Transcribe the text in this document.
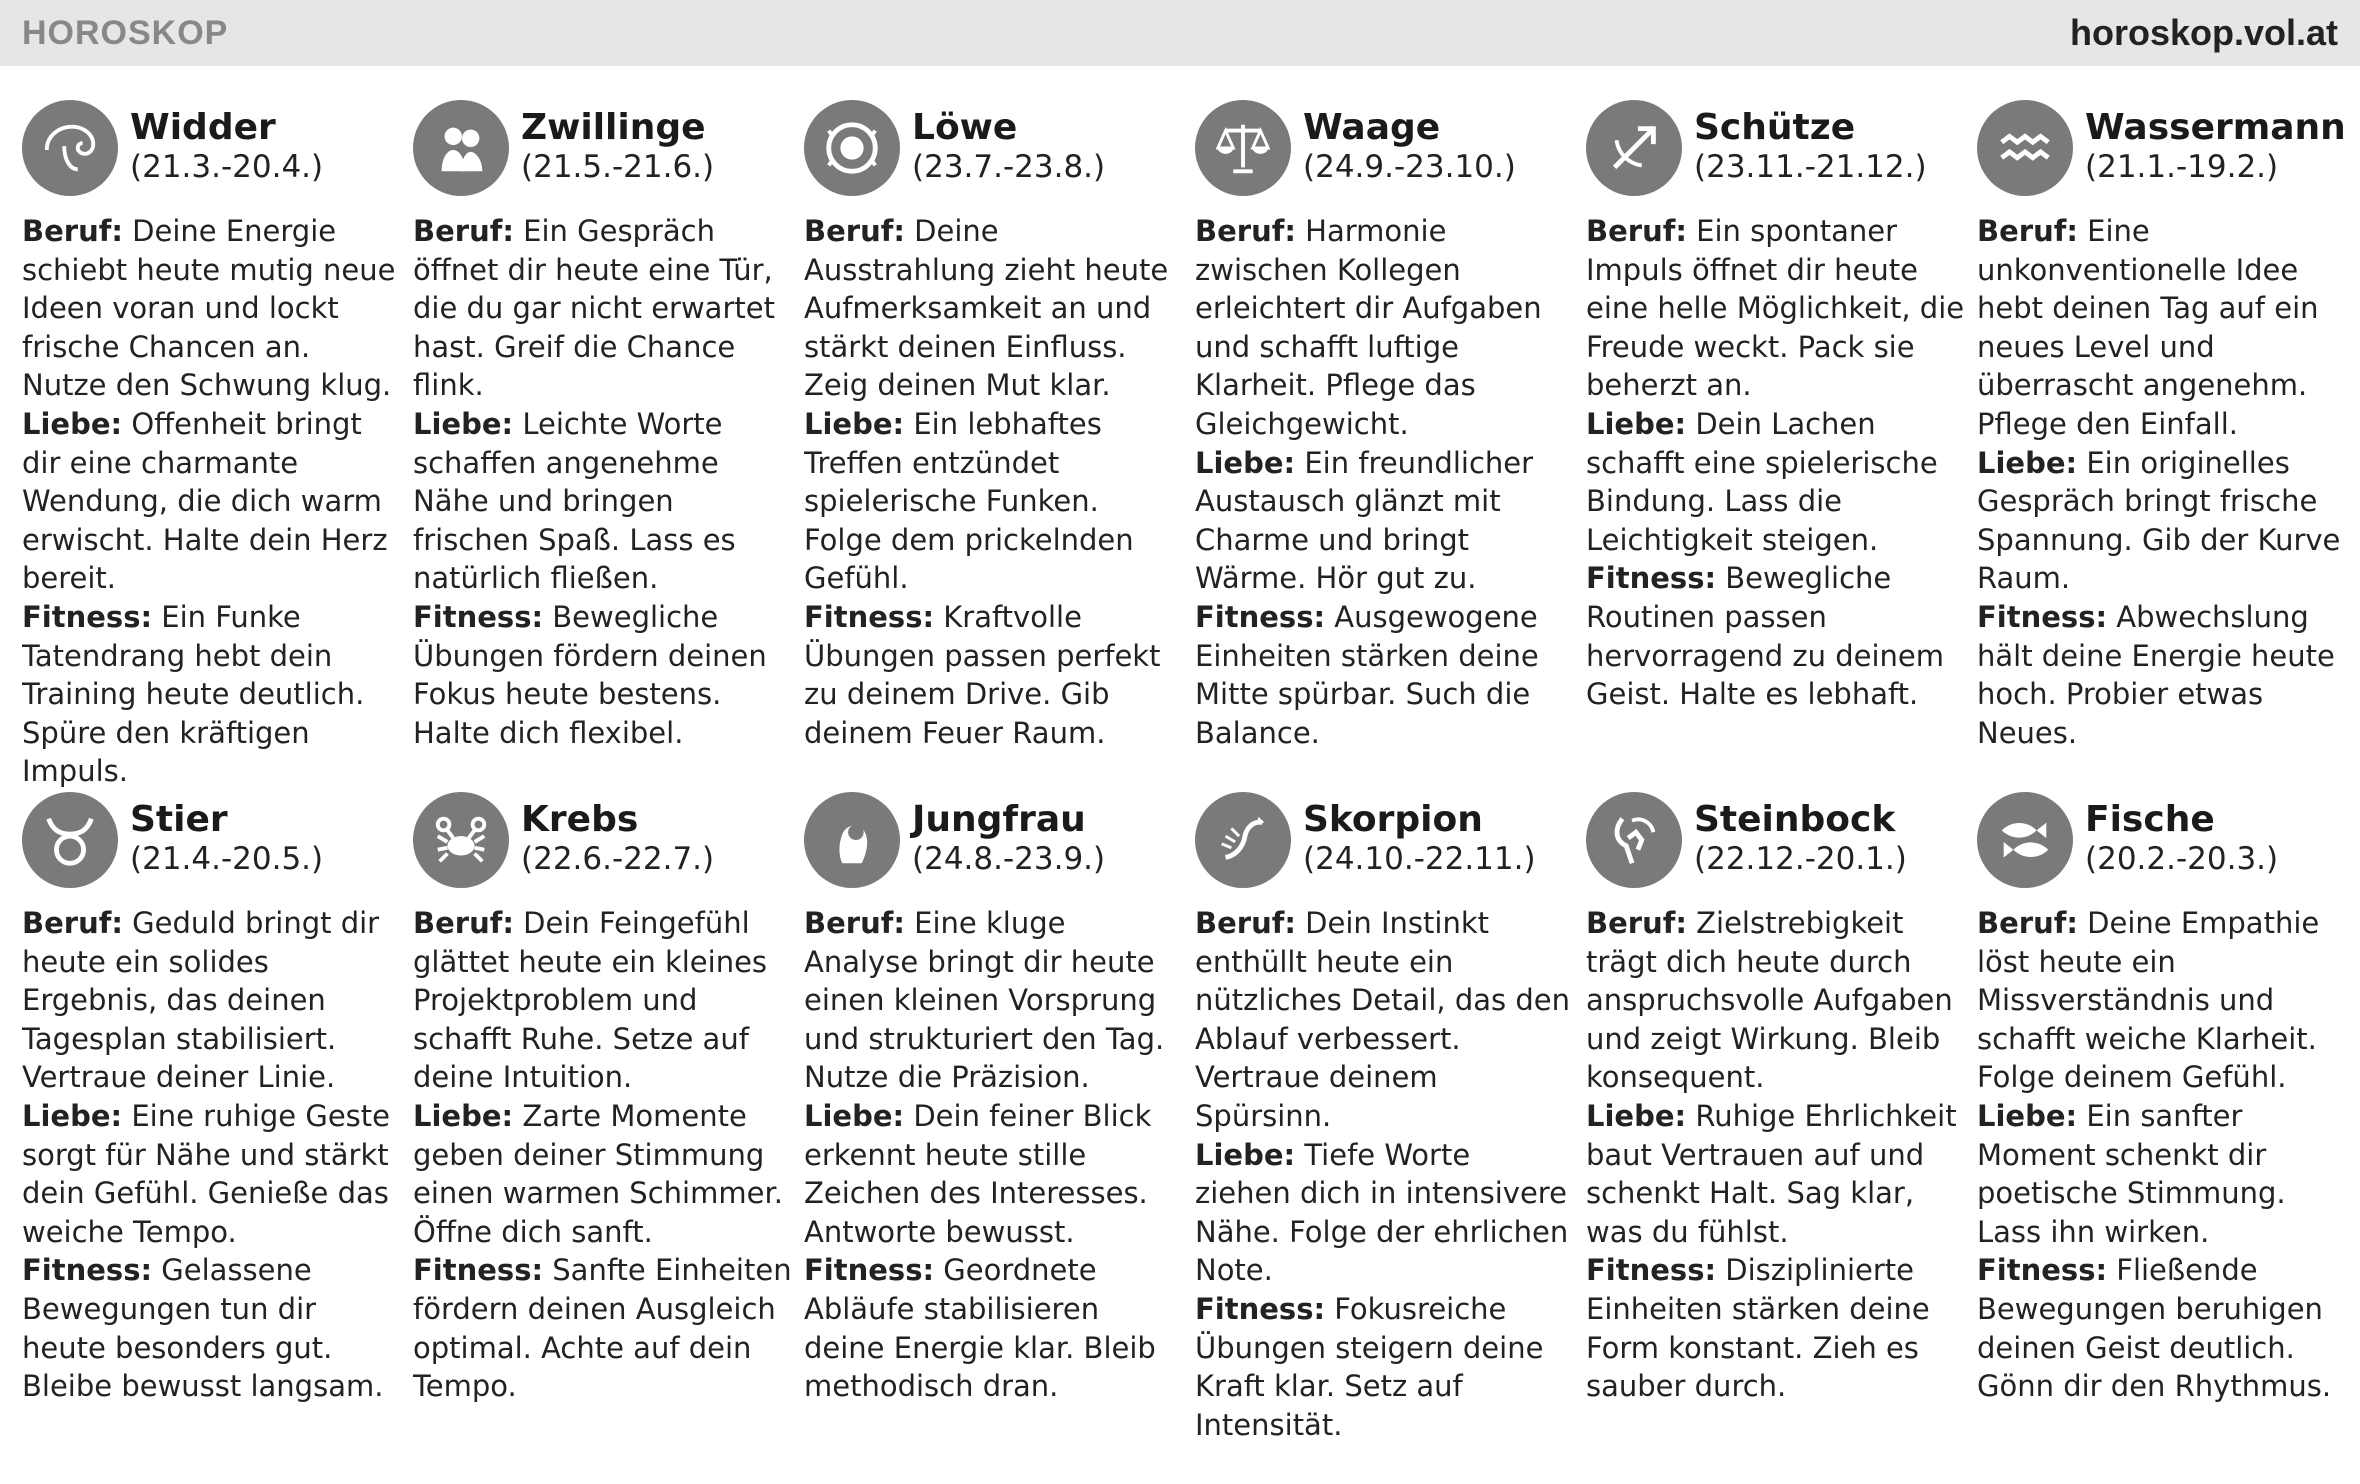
HOROSKOP	horoskop.vol.at
Widder
(21.3.-20.4.)
Beruf: Deine Energie schiebt heute mutig neue Ideen voran und lockt frische Chancen an. Nutze den Schwung klug.
Liebe: Offenheit bringt dir eine charmante Wendung, die dich warm erwischt. Halte dein Herz bereit.
Fitness: Ein Funke Tatendrang hebt dein Training heute deutlich. Spüre den kräftigen Impuls.
Zwillinge
(21.5.-21.6.)
Beruf: Ein Gespräch öffnet dir heute eine Tür, die du gar nicht erwartet hast. Greif die Chance flink.
Liebe: Leichte Worte schaffen angenehme Nähe und bringen frischen Spaß. Lass es natürlich fließen.
Fitness: Bewegliche Übungen fördern deinen Fokus heute bestens. Halte dich flexibel.
Löwe
(23.7.-23.8.)
Beruf: Deine Ausstrahlung zieht heute Aufmerksamkeit an und stärkt deinen Einfluss. Zeig deinen Mut klar.
Liebe: Ein lebhaftes Treffen entzündet spielerische Funken. Folge dem prickelnden Gefühl.
Fitness: Kraftvolle Übungen passen perfekt zu deinem Drive. Gib deinem Feuer Raum.
Waage
(24.9.-23.10.)
Beruf: Harmonie zwischen Kollegen erleichtert dir Aufgaben und schafft luftige Klarheit. Pflege das Gleichgewicht.
Liebe: Ein freundlicher Austausch glänzt mit Charme und bringt Wärme. Hör gut zu.
Fitness: Ausgewogene Einheiten stärken deine Mitte spürbar. Such die Balance.
Schütze
(23.11.-21.12.)
Beruf: Ein spontaner Impuls öffnet dir heute eine helle Möglichkeit, die Freude weckt. Pack sie beherzt an.
Liebe: Dein Lachen schafft eine spielerische Bindung. Lass die Leichtigkeit steigen.
Fitness: Bewegliche Routinen passen hervorragend zu deinem Geist. Halte es lebhaft.
Wassermann
(21.1.-19.2.)
Beruf: Eine unkonventionelle Idee hebt deinen Tag auf ein neues Level und überrascht angenehm. Pflege den Einfall.
Liebe: Ein originelles Gespräch bringt frische Spannung. Gib der Kurve Raum.
Fitness: Abwechslung hält deine Energie heute hoch. Probier etwas Neues.
Stier
(21.4.-20.5.)
Beruf: Geduld bringt dir heute ein solides Ergebnis, das deinen Tagesplan stabilisiert. Vertraue deiner Linie.
Liebe: Eine ruhige Geste sorgt für Nähe und stärkt dein Gefühl. Genieße das weiche Tempo.
Fitness: Gelassene Bewegungen tun dir heute besonders gut. Bleibe bewusst langsam.
Krebs
(22.6.-22.7.)
Beruf: Dein Feingefühl glättet heute ein kleines Projektproblem und schafft Ruhe. Setze auf deine Intuition.
Liebe: Zarte Momente geben deiner Stimmung einen warmen Schimmer. Öffne dich sanft.
Fitness: Sanfte Einheiten fördern deinen Ausgleich optimal. Achte auf dein Tempo.
Jungfrau
(24.8.-23.9.)
Beruf: Eine kluge Analyse bringt dir heute einen kleinen Vorsprung und strukturiert den Tag. Nutze die Präzision.
Liebe: Dein feiner Blick erkennt heute stille Zeichen des Interesses. Antworte bewusst.
Fitness: Geordnete Abläufe stabilisieren deine Energie klar. Bleib methodisch dran.
Skorpion
(24.10.-22.11.)
Beruf: Dein Instinkt enthüllt heute ein nützliches Detail, das den Ablauf verbessert. Vertraue deinem Spürsinn.
Liebe: Tiefe Worte ziehen dich in intensivere Nähe. Folge der ehrlichen Note.
Fitness: Fokusreiche Übungen steigern deine Kraft klar. Setz auf Intensität.
Steinbock
(22.12.-20.1.)
Beruf: Zielstrebigkeit trägt dich heute durch anspruchsvolle Aufgaben und zeigt Wirkung. Bleib konsequent.
Liebe: Ruhige Ehrlichkeit baut Vertrauen auf und schenkt Halt. Sag klar, was du fühlst.
Fitness: Disziplinierte Einheiten stärken deine Form konstant. Zieh es sauber durch.
Fische
(20.2.-20.3.)
Beruf: Deine Empathie löst heute ein Missverständnis und schafft weiche Klarheit. Folge deinem Gefühl.
Liebe: Ein sanfter Moment schenkt dir poetische Stimmung. Lass ihn wirken.
Fitness: Fließende Bewegungen beruhigen deinen Geist deutlich. Gönn dir den Rhythmus.
